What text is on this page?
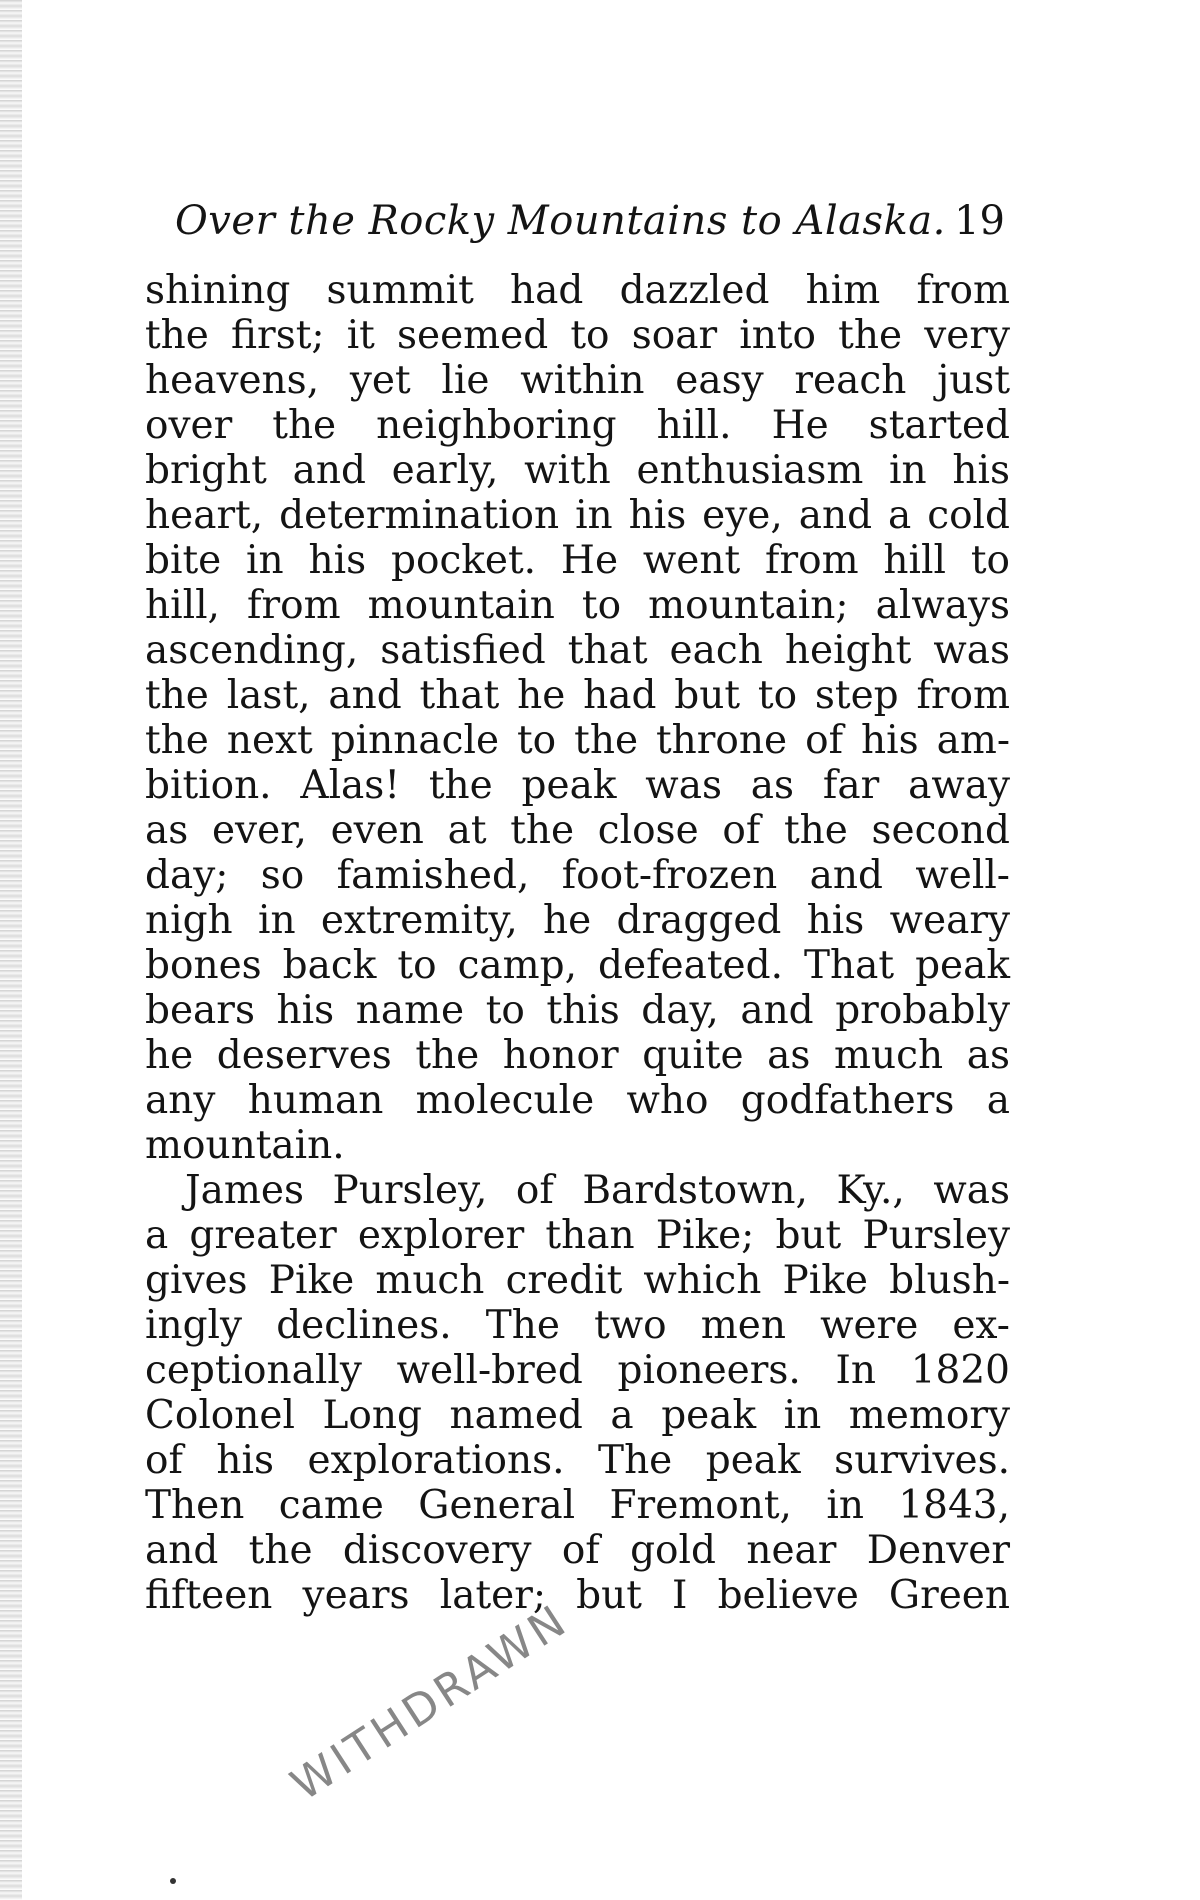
Over the Rocky Mountains to Alaska. 19
shining summit had dazzled him from
the first; it seemed to soar into the very
heavens, yet lie within easy reach just
over the neighboring hill. He started
bright and early, with enthusiasm in his
heart, determination in his eye, and a cold
bite in his pocket. He went from hill to
hill, from mountain to mountain; always
ascending, satisfied that each height was
the last, and that he had but to step from
the next pinnacle to the throne of his am-
bition. Alas! the peak was as far away
as ever, even at the close of the second
day; so famished, foot-frozen and well-
nigh in extremity, he dragged his weary
bones back to camp, defeated. That peak
bears his name to this day, and probably
he deserves the honor quite as much as
any human molecule who godfathers a
mountain.
James Pursley, of Bardstown, Ky., was
a greater explorer than Pike; but Pursley
gives Pike much credit which Pike blush-
ingly declines. The two men were ex-
ceptionally well-bred pioneers. In 1820
Colonel Long named a peak in memory
of his explorations. The peak survives.
Then came General Fremont, in 1843,
and the discovery of gold near Denver
fifteen years later; but I believe Green
WITHDRAWN
